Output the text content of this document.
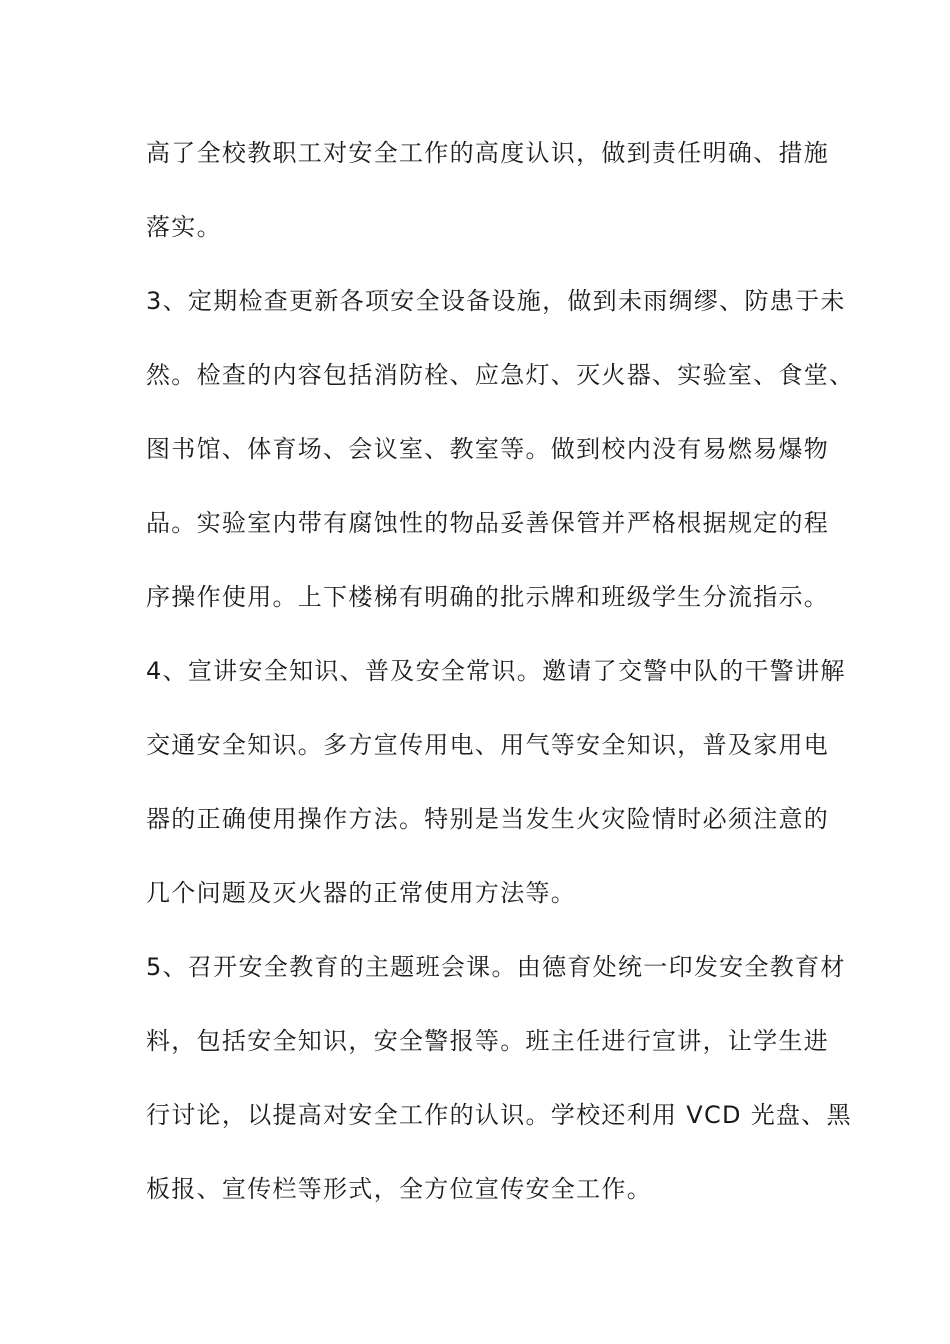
高了全校教职工对安全工作的高度认识，做到责任明确、措施
落实。
3、定期检查更新各项安全设备设施，做到未雨绸缪、防患于未
然。检查的内容包括消防栓、应急灯、灭火器、实验室、食堂、
图书馆、体育场、会议室、教室等。做到校内没有易燃易爆物
品。实验室内带有腐蚀性的物品妥善保管并严格根据规定的程
序操作使用。上下楼梯有明确的批示牌和班级学生分流指示。
4、宣讲安全知识、普及安全常识。邀请了交警中队的干警讲解
交通安全知识。多方宣传用电、用气等安全知识，普及家用电
器的正确使用操作方法。特别是当发生火灾险情时必须注意的
几个问题及灭火器的正常使用方法等。
5、召开安全教育的主题班会课。由德育处统一印发安全教育材
料，包括安全知识，安全警报等。班主任进行宣讲，让学生进
行讨论，以提高对安全工作的认识。学校还利用 VCD 光盘、黑
板报、宣传栏等形式，全方位宣传安全工作。
